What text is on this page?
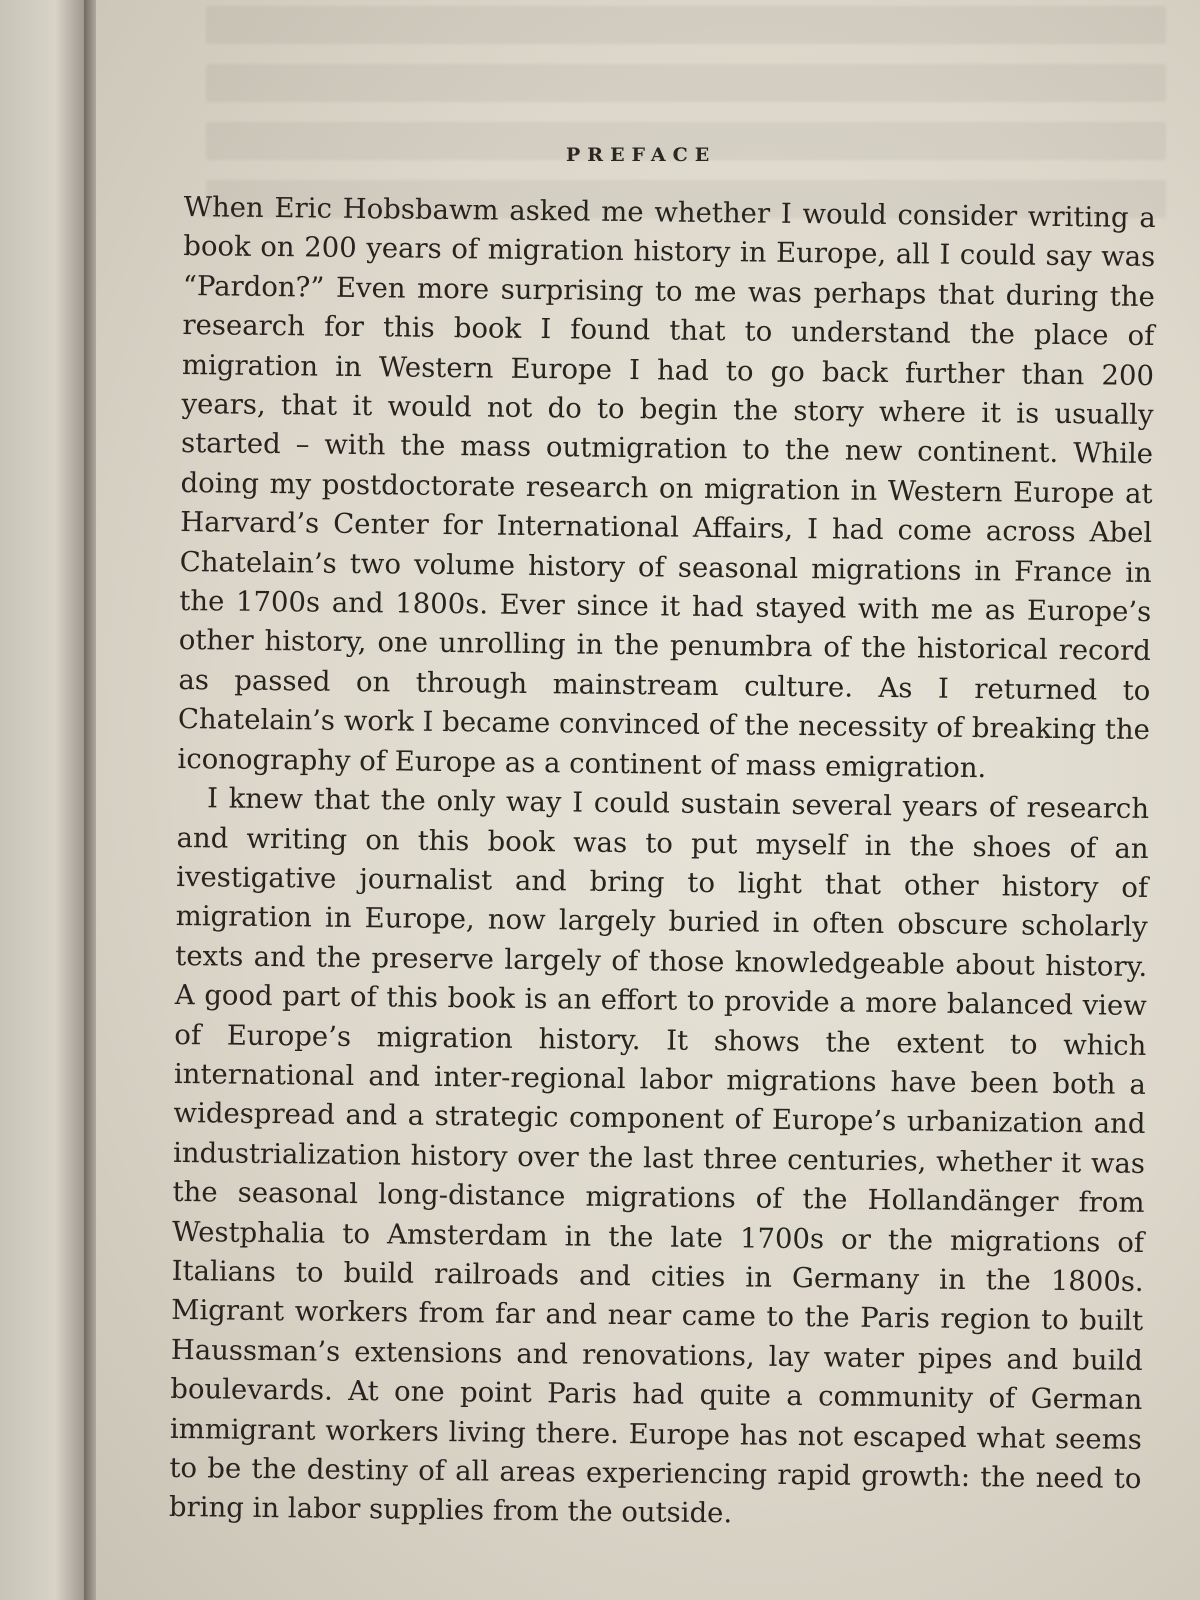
PREFACE

When Eric Hobsbawm asked me whether I would consider writing a book on 200 years of migration history in Europe, all I could say was “Pardon?” Even more surprising to me was perhaps that during the research for this book I found that to understand the place of migration in Western Europe I had to go back further than 200 years, that it would not do to begin the story where it is usually started – with the mass outmigration to the new continent. While doing my postdoctorate research on migration in Western Europe at Harvard’s Center for International Affairs, I had come across Abel Chatelain’s two volume history of seasonal migrations in France in the 1700s and 1800s. Ever since it had stayed with me as Europe’s other history, one unrolling in the penumbra of the historical record as passed on through mainstream culture. As I returned to Chatelain’s work I became convinced of the necessity of breaking the iconography of Europe as a continent of mass emigration.

I knew that the only way I could sustain several years of research and writing on this book was to put myself in the shoes of an ivestigative journalist and bring to light that other history of migration in Europe, now largely buried in often obscure scholarly texts and the preserve largely of those knowledgeable about history. A good part of this book is an effort to provide a more balanced view of Europe’s migration history. It shows the extent to which international and inter-regional labor migrations have been both a widespread and a strategic component of Europe’s urbanization and industrialization history over the last three centuries, whether it was the seasonal long-distance migrations of the Hollandänger from Westphalia to Amsterdam in the late 1700s or the migrations of Italians to build railroads and cities in Germany in the 1800s. Migrant workers from far and near came to the Paris region to built Haussman’s extensions and renovations, lay water pipes and build boulevards. At one point Paris had quite a community of German immigrant workers living there. Europe has not escaped what seems to be the destiny of all areas experiencing rapid growth: the need to bring in labor supplies from the outside.
